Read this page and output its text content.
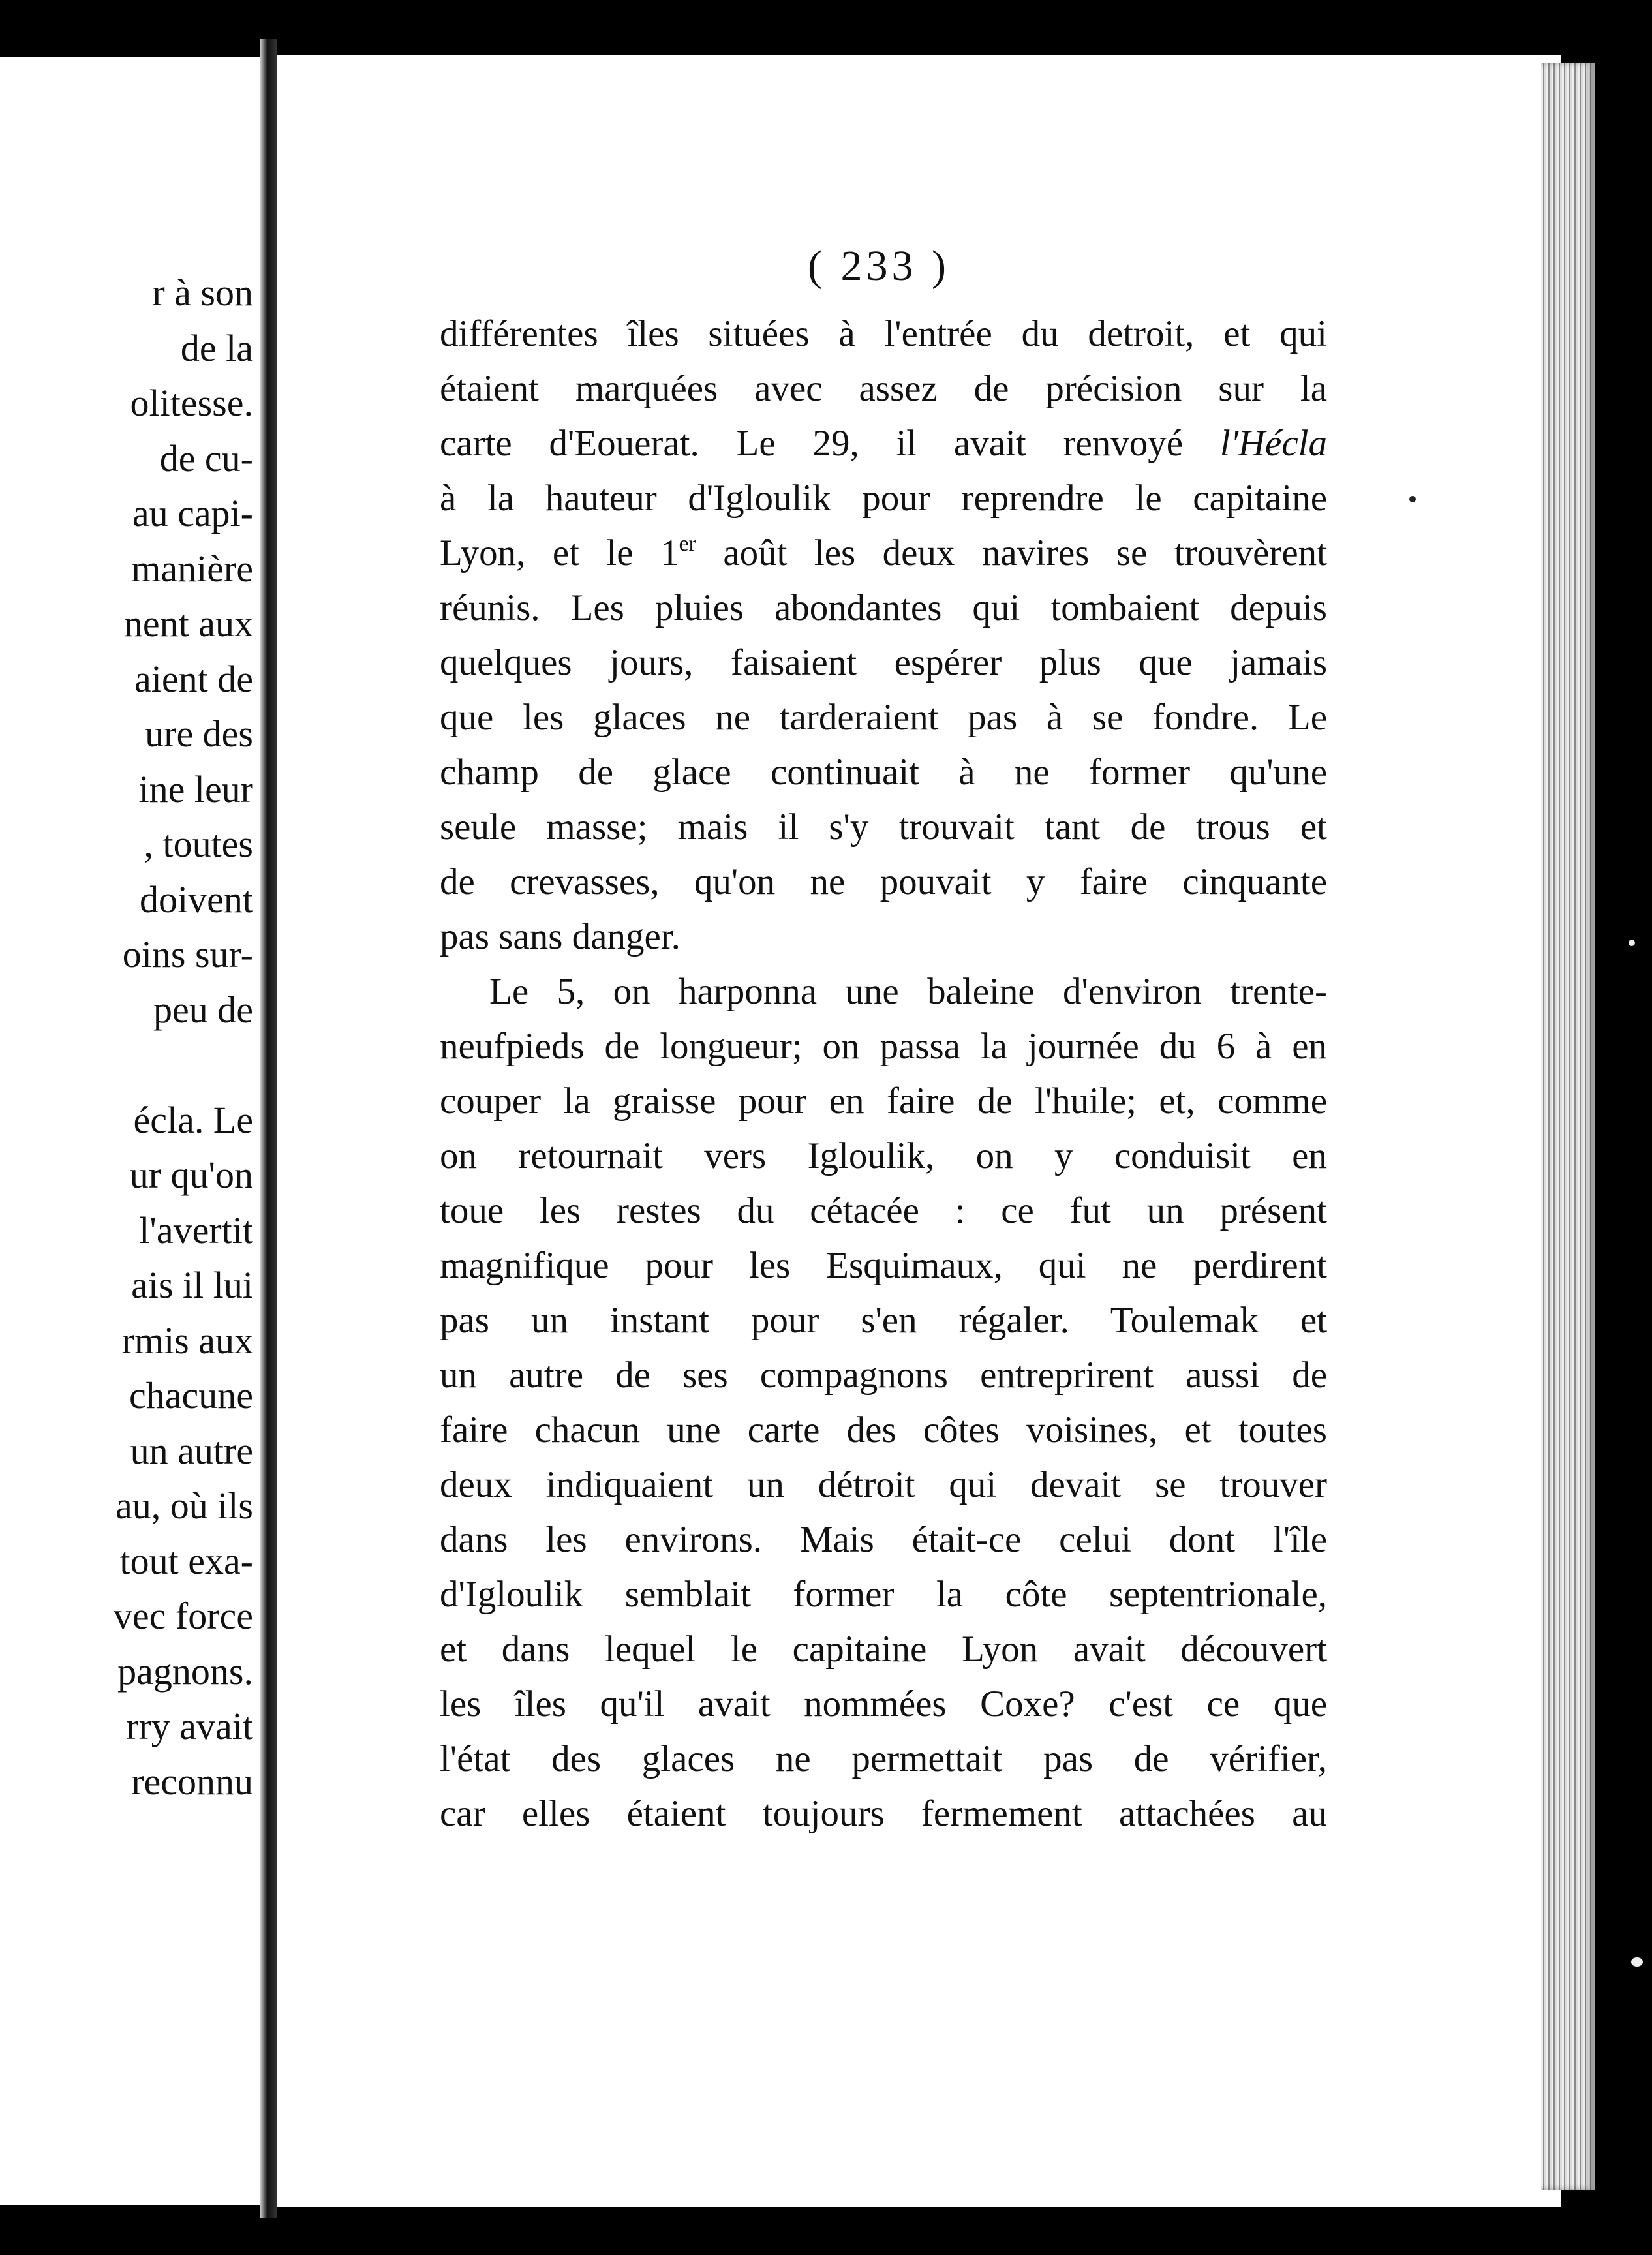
r à son
de la
olitesse.
de cu-
au capi-
manière
nent aux
aient de
ure des
ine leur
, toutes
doivent
oins sur-
peu de
écla. Le
ur qu'on
l'avertit
ais il lui
rmis aux
chacune
un autre
au, où ils
tout exa-
vec force
pagnons.
rry avait
reconnu
( 233 )
différentes îles situées à l'entrée du detroit, et qui
étaient marquées avec assez de précision sur la
carte d'Eouerat. Le 29, il avait renvoyé l'Hécla
à la hauteur d'Igloulik pour reprendre le capitaine
Lyon, et le 1er août les deux navires se trouvèrent
réunis. Les pluies abondantes qui tombaient depuis
quelques jours, faisaient espérer plus que jamais
que les glaces ne tarderaient pas à se fondre. Le
champ de glace continuait à ne former qu'une
seule masse; mais il s'y trouvait tant de trous et
de crevasses, qu'on ne pouvait y faire cinquante
pas sans danger.
Le 5, on harponna une baleine d'environ trente-
neufpieds de longueur; on passa la journée du 6 à en
couper la graisse pour en faire de l'huile; et, comme
on retournait vers Igloulik, on y conduisit en
toue les restes du cétacée : ce fut un présent
magnifique pour les Esquimaux, qui ne perdirent
pas un instant pour s'en régaler. Toulemak et
un autre de ses compagnons entreprirent aussi de
faire chacun une carte des côtes voisines, et toutes
deux indiquaient un détroit qui devait se trouver
dans les environs. Mais était-ce celui dont l'île
d'Igloulik semblait former la côte septentrionale,
et dans lequel le capitaine Lyon avait découvert
les îles qu'il avait nommées Coxe? c'est ce que
l'état des glaces ne permettait pas de vérifier,
car elles étaient toujours fermement attachées au
